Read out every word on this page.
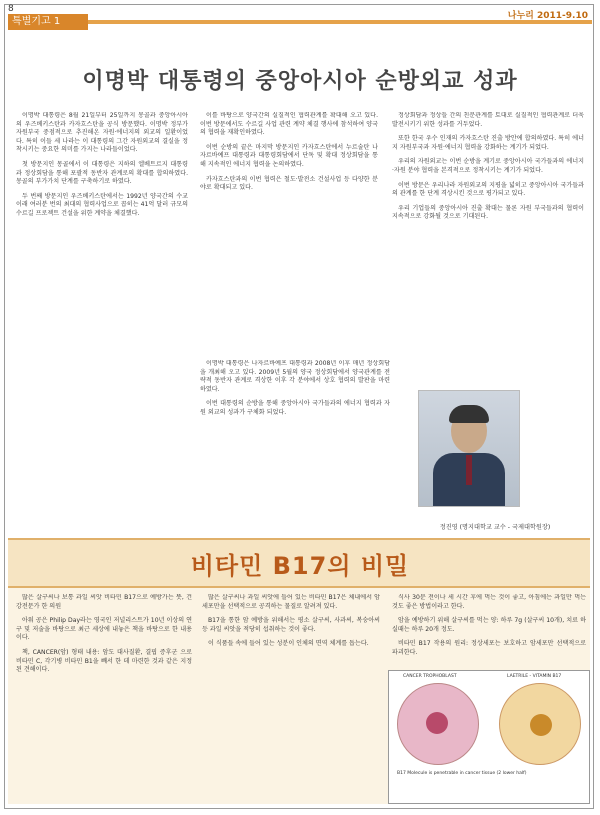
8
특별기고 1	나누리 2011-9.10
이명박 대통령의 중앙아시아 순방외교 성과

이명박 대통령은 8월 21일부터 25일까지 몽골과 중앙아시아의 우즈베키스탄과 카자흐스탄을 공식 방문했다. 이명박 정부가 자원부국 중점적으로 추진해온 자원·에너지의 외교의 일환이었다. 특히 이들 세 나라는 이 대통령의 그간 자원외교의 결실을 정착시키는 중요한 의미를 가지는 나라들이었다.

첫 방문지인 몽골에서 이 대통령은 지하의 엘베트르지 대통령과 정상회담을 통해 포괄적 동반자 관계로의 확대를 합의하였다. 몽골의 부가가치 단계를 구축하기로 하였다.

두 번째 방문지인 우즈베키스탄에서는 1992년 양국간의 수교 이래 여러분 번의 최대의 협력사업으로 꼽히는 41억 달러 규모의 수르길 프로젝트 건설을 위한 계약을 체결했다.

이를 바탕으로 양국간의 실질적인 협력관계를 확대해 오고 있다. 이번 방문에서도 수르길 사업 관련 계약 체결 행사에 참석하여 양국의 협력을 재확인하였다.

이번 순방의 끝은 마지막 방문지인 카자흐스탄에서 누르술탄 나자르바예프 대통령과 대통령회담에서 단독 및 확대 정상회담을 통해 지속적인 에너지 협력을 논의하였다.

카자흐스탄과의 이번 협력은 철도·발전소 건설사업 등 다양한 분야로 확대되고 있다.

정상회담과 정상들 간의 친분관계를 토대로 실질적인 협력관계로 더욱 발전시키기 위한 성과를 거두었다.

또한 한국 우수 인재의 카자흐스탄 진출 방안에 합의하였다. 특히 에너지 자원부국과 자원·에너지 협력을 강화하는 계기가 되었다.

우리의 자원외교는 이번 순방을 계기로 중앙아시아 국가들과의 에너지·자원 분야 협력을 본격적으로 정착시키는 계기가 되었다.

이번 방문은 우리나라 자원외교의 지평을 넓히고 중앙아시아 국가들과의 관계를 한 단계 격상시킨 것으로 평가되고 있다.

우리 기업들의 중앙아시아 진출 확대는 물론 자원 부국들과의 협력이 지속적으로 강화될 것으로 기대된다.

이명박 대통령은 나자르바예프 대통령과 2008년 이후 매년 정상회담을 개최해 오고 있다. 2009년 5월의 양국 정상회담에서 양국관계를 전략적 동반자 관계로 격상한 이후 각 분야에서 상호 협력의 발판을 마련하였다.

이번 대통령의 순방을 통해 중앙아시아 국가들과의 에너지 협력과 자원 외교의 성과가 구체화 되었다.

정진영 (명지대학교 교수 - 국제대학원장)
비타민 B17의 비밀

많은 살구씨나 보통 과일 씨앗 비타민 B17으로 예방가는 뜻, 건강전문가 한 의원

아워 공은 Philip Day라는 영국인 저널리스트가 10년 이상의 연구 및 저술을 바탕으로 최근 세상에 내놓은 책을 바탕으로 한 내용이다.

책, CANCER(암) 형태 내용: 암도 대사질환, 결핍 증후군 으로 비타민 C, 각기병 비타민 B1을 빼서 한 데 마련한 것과 같은 지정된 견해이다.

많은 살구씨나 과일 씨앗에 들어 있는 비타민 B17은 체내에서 암세포만을 선택적으로 공격하는 물질로 알려져 있다.

B17을 통한 암 예방을 위해서는 평소 살구씨, 사과씨, 복숭아씨 등 과일 씨앗을 적당히 섭취하는 것이 좋다.

이 식품들 속에 들어 있는 성분이 인체의 면역 체계를 돕는다.

식사 30분 전이나 세 시간 후에 먹는 것이 좋고, 아침에는 과일만 먹는 것도 좋은 방법이라고 한다.

암을 예방하기 위해 살구씨를 먹는 양: 하루 7g (살구씨 10개), 치료 하실때는 하루 20개 정도.

비타민 B17 작용의 원리: 정상세포는 보호하고 암세포만 선택적으로 파괴한다.

CANCER TROPHOBLAST	LAETRILE - VITAMIN B17
B17 Molecule is penetrable in cancer tissue (2 lower half)
